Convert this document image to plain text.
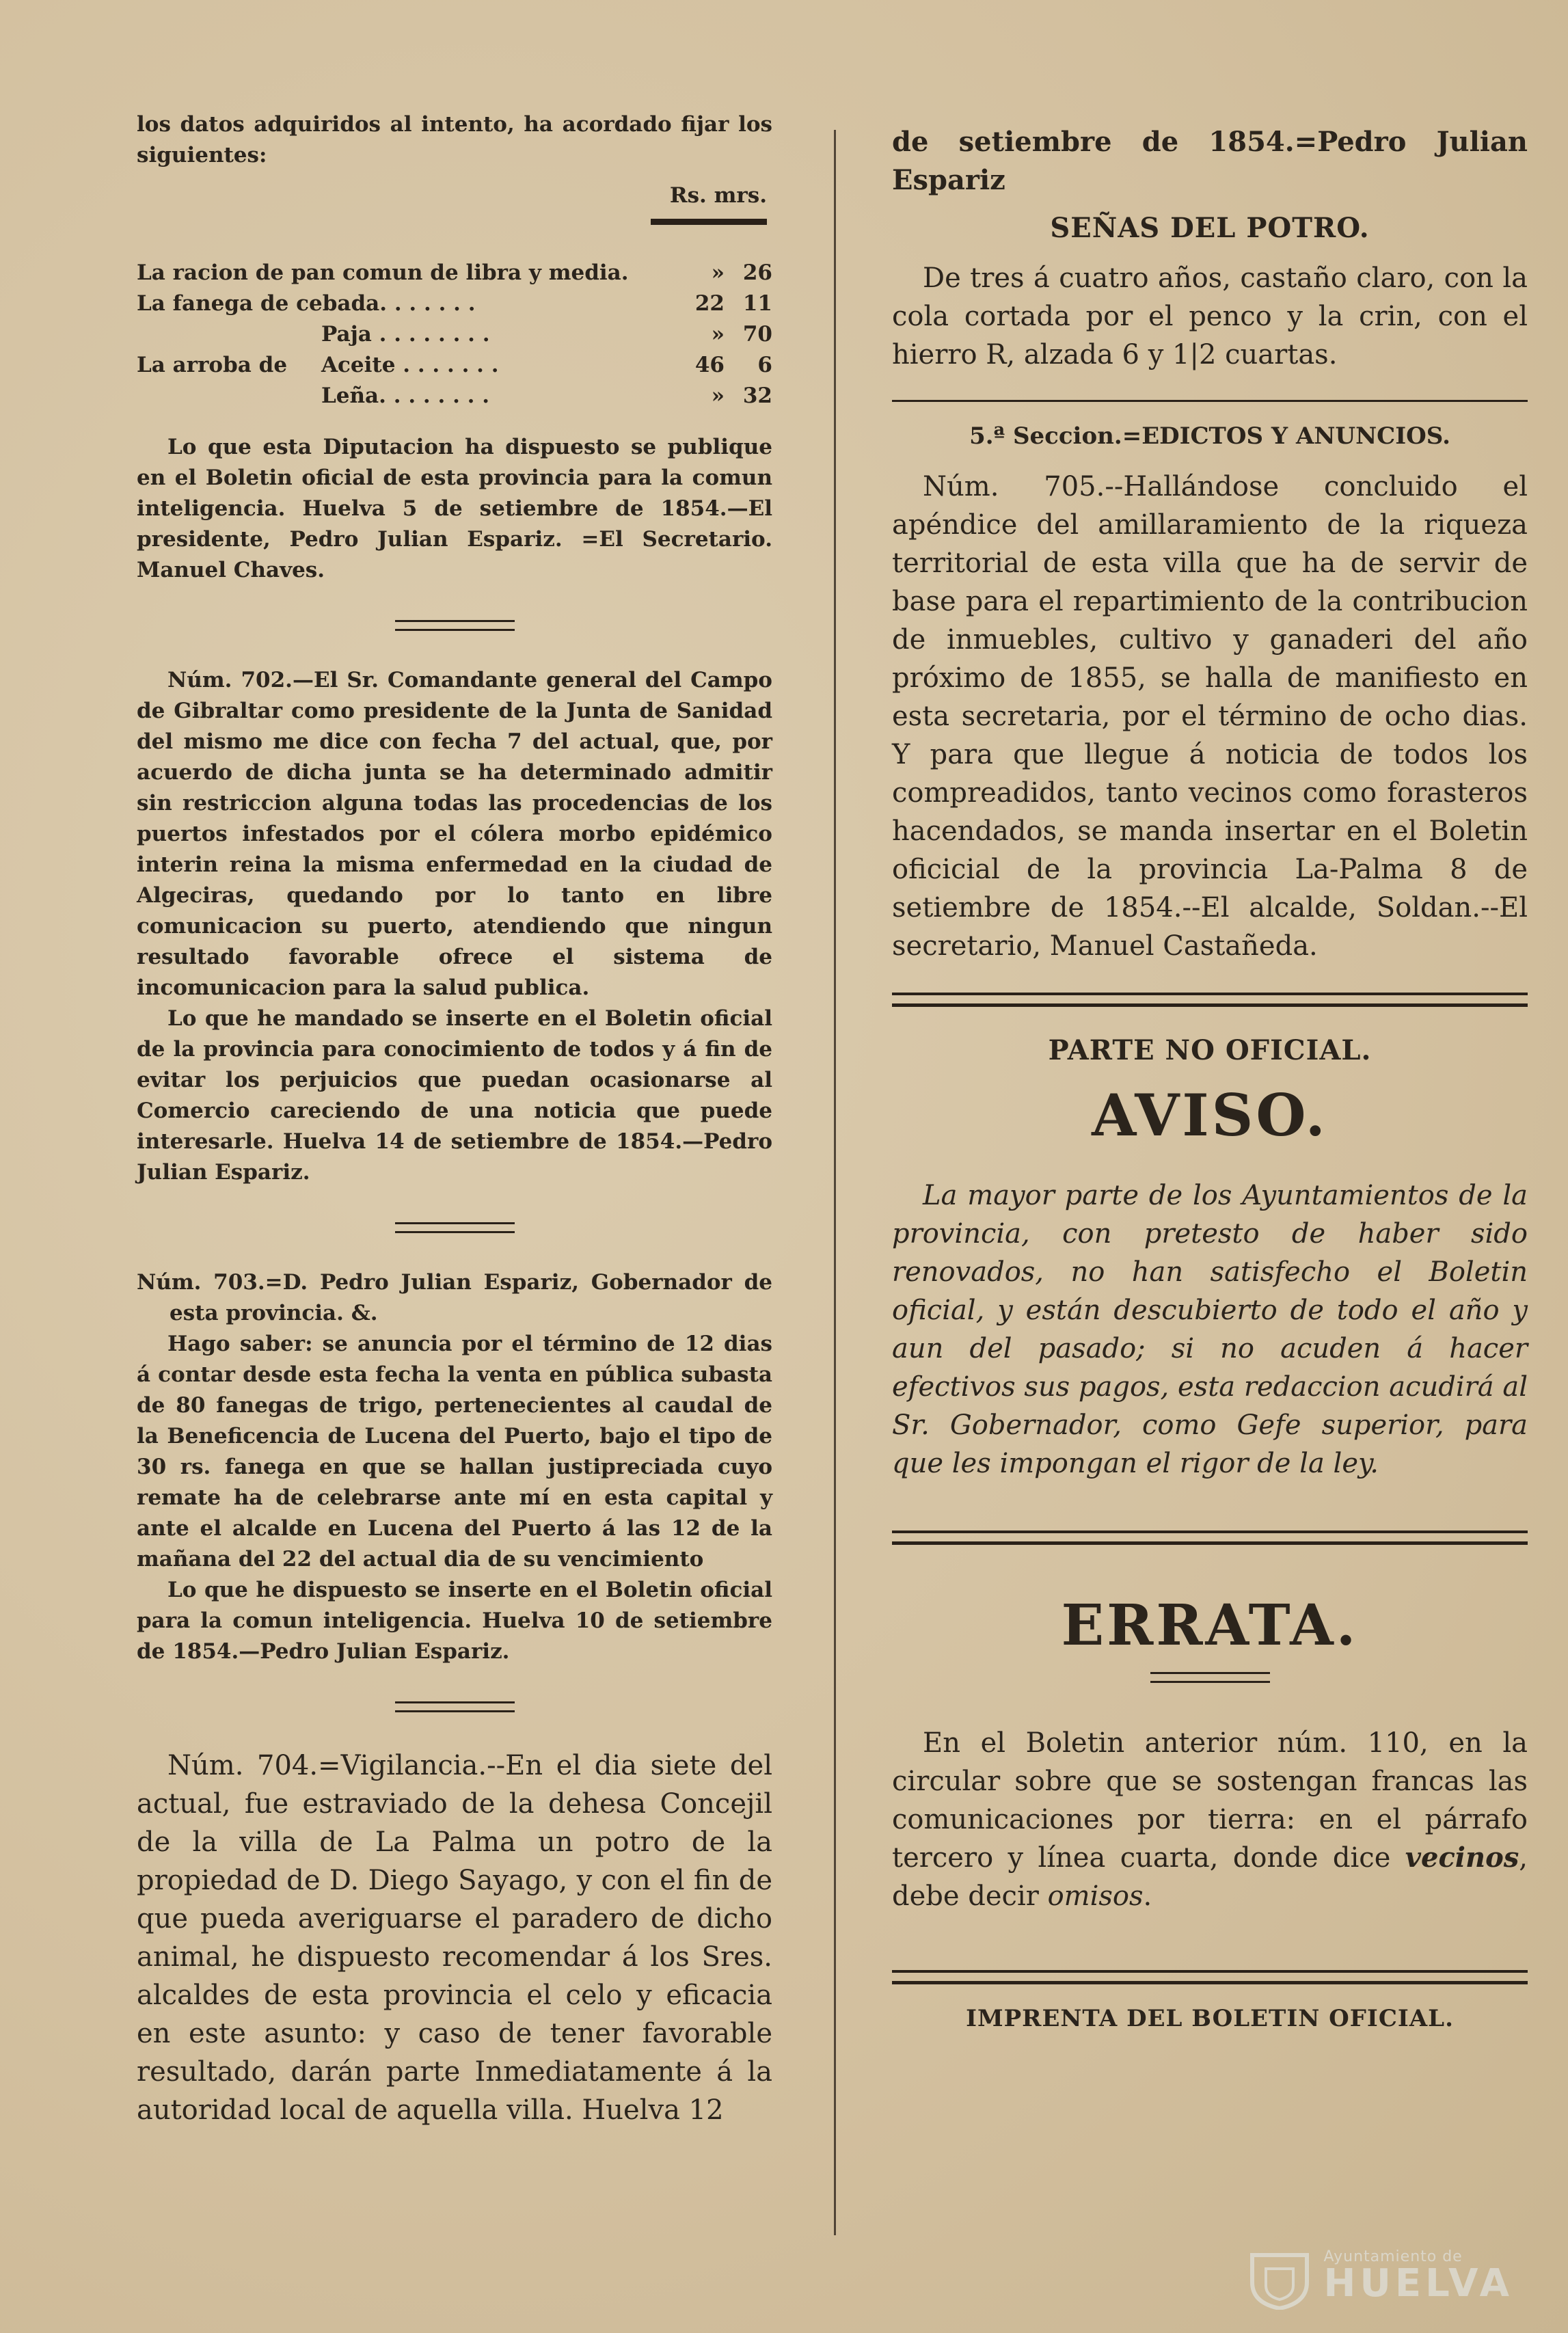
los datos adquiridos al intento, ha acordado fijar los siguientes:

Rs. mrs.
	La racion de pan comun de libra y media.	»	26
	La fanega de cebada. . . . . . .	22	11
	Paja . . . . . . . .	»	70

La arroba de Aceite . . . . . . .	46	6
	Leña. . . . . . . .	»	32

Lo que esta Diputacion ha dispuesto se publique en el Boletin oficial de esta provincia para la comun inteligencia. Huelva 5 de setiembre de 1854.—El presidente, Pedro Julian Espariz. =El Secretario. Manuel Chaves.

Núm. 702.—El Sr. Comandante general del Campo de Gibraltar como presidente de la Junta de Sanidad del mismo me dice con fecha 7 del actual, que, por acuerdo de dicha junta se ha determinado admitir sin restriccion alguna todas las procedencias de los puertos infestados por el cólera morbo epidémico interin reina la misma enfermedad en la ciudad de Algeciras, quedando por lo tanto en libre comunicacion su puerto, atendiendo que ningun resultado favorable ofrece el sistema de incomunicacion para la salud publica.

Lo que he mandado se inserte en el Boletin oficial de la provincia para conocimiento de todos y á fin de evitar los perjuicios que puedan ocasionarse al Comercio careciendo de una noticia que puede interesarle. Huelva 14 de setiembre de 1854.—Pedro Julian Espariz.

Núm. 703.=D. Pedro Julian Espariz, Gobernador de esta provincia. &.

Hago saber: se anuncia por el término de 12 dias á contar desde esta fecha la venta en pública subasta de 80 fanegas de trigo, pertenecientes al caudal de la Beneficencia de Lucena del Puerto, bajo el tipo de 30 rs. fanega en que se hallan justipreciada cuyo remate ha de celebrarse ante mí en esta capital y ante el alcalde en Lucena del Puerto á las 12 de la mañana del 22 del actual dia de su vencimiento

Lo que he dispuesto se inserte en el Boletin oficial para la comun inteligencia. Huelva 10 de setiembre de 1854.—Pedro Julian Espariz.

Núm. 704.=Vigilancia.--En el dia siete del actual, fue estraviado de la dehesa Concejil de la villa de La Palma un potro de la propiedad de D. Diego Sayago, y con el fin de que pueda averiguarse el paradero de dicho animal, he dispuesto recomendar á los Sres. alcaldes de esta provincia el celo y eficacia en este asunto: y caso de tener favorable resultado, darán parte Inmediatamente á la autoridad local de aquella villa. Huelva 12

de setiembre de 1854.=Pedro Julian Espariz

SEÑAS DEL POTRO.

De tres á cuatro años, castaño claro, con la cola cortada por el penco y la crin, con el hierro R, alzada 6 y 1|2 cuartas.

5.ª Seccion.=EDICTOS Y ANUNCIOS.

Núm. 705.--Hallándose concluido el apéndice del amillaramiento de la riqueza territorial de esta villa que ha de servir de base para el repartimiento de la contribucion de inmuebles, cultivo y ganaderi del año próximo de 1855, se halla de manifiesto en esta secretaria, por el término de ocho dias. Y para que llegue á noticia de todos los compreadidos, tanto vecinos como forasteros hacendados, se manda insertar en el Boletin oficicial de la provincia La-Palma 8 de setiembre de 1854.--El alcalde, Soldan.--El secretario, Manuel Castañeda.

PARTE NO OFICIAL.
AVISO.

La mayor parte de los Ayuntamientos de la provincia, con pretesto de haber sido renovados, no han satisfecho el Boletin oficial, y están descubierto de todo el año y aun del pasado; si no acuden á hacer efectivos sus pagos, esta redaccion acudirá al Sr. Gobernador, como Gefe superior, para que les impongan el rigor de la ley.

ERRATA.

En el Boletin anterior núm. 110, en la circular sobre que se sostengan francas las comunicaciones por tierra: en el párrafo tercero y línea cuarta, donde dice vecinos, debe decir omisos.

IMPRENTA DEL BOLETIN OFICIAL.
Ayuntamiento de
HUELVA
